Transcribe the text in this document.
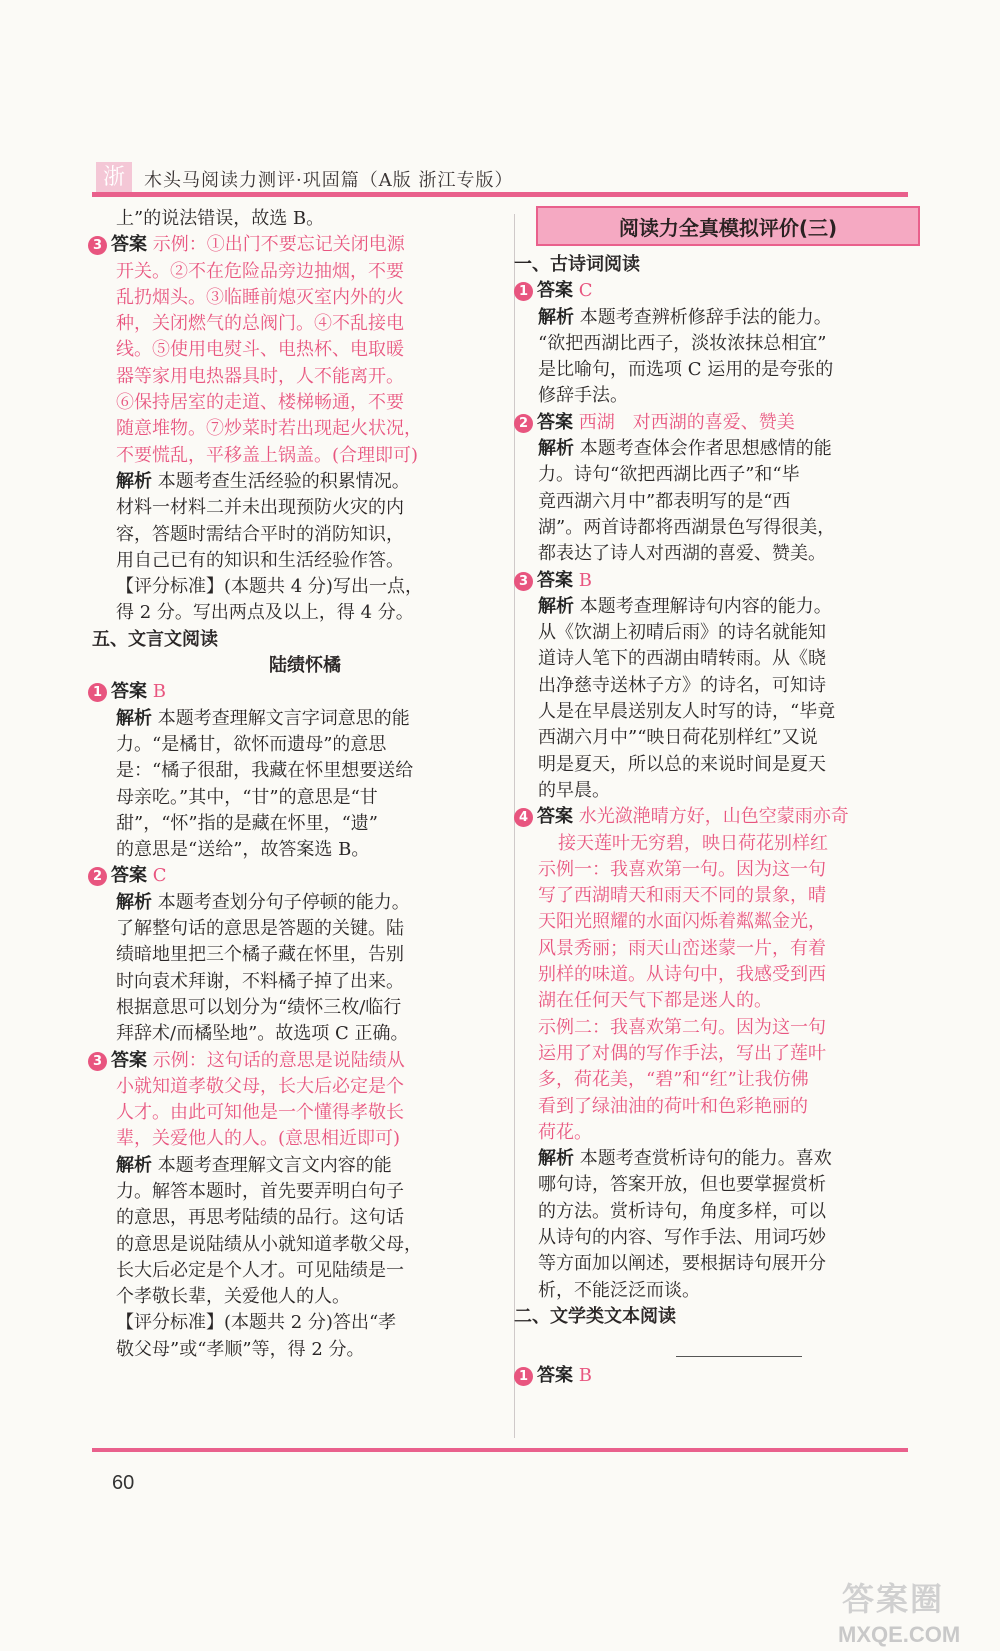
浙	木头马阅读力测评·巩固篇（A版 浙江专版）
上”的说法错误，故选 B。
3 答案 示例：①出门不要忘记关闭电源
开关。②不在危险品旁边抽烟，不要
乱扔烟头。③临睡前熄灭室内外的火
种，关闭燃气的总阀门。④不乱接电
线。⑤使用电熨斗、电热杯、电取暖
器等家用电热器具时，人不能离开。
⑥保持居室的走道、楼梯畅通，不要
随意堆物。⑦炒菜时若出现起火状况，
不要慌乱，平移盖上锅盖。(合理即可)
解析 本题考查生活经验的积累情况。
材料一材料二并未出现预防火灾的内
容，答题时需结合平时的消防知识，
用自己已有的知识和生活经验作答。
【评分标准】(本题共 4 分)写出一点，
得 2 分。写出两点及以上，得 4 分。
五、文言文阅读
陆绩怀橘
1 答案 B
解析 本题考查理解文言字词意思的能
力。“是橘甘，欲怀而遗母”的意思
是：“橘子很甜，我藏在怀里想要送给
母亲吃。”其中，“甘”的意思是“甘
甜”，“怀”指的是藏在怀里，“遗”
的意思是“送给”，故答案选 B。
2 答案 C
解析 本题考查划分句子停顿的能力。
了解整句话的意思是答题的关键。陆
绩暗地里把三个橘子藏在怀里，告别
时向袁术拜谢，不料橘子掉了出来。
根据意思可以划分为“绩怀三枚/临行
拜辞术/而橘坠地”。故选项 C 正确。
3 答案 示例：这句话的意思是说陆绩从
小就知道孝敬父母，长大后必定是个
人才。由此可知他是一个懂得孝敬长
辈，关爱他人的人。(意思相近即可)
解析 本题考查理解文言文内容的能
力。解答本题时，首先要弄明白句子
的意思，再思考陆绩的品行。这句话
的意思是说陆绩从小就知道孝敬父母，
长大后必定是个人才。可见陆绩是一
个孝敬长辈，关爱他人的人。
【评分标准】(本题共 2 分)答出“孝
敬父母”或“孝顺”等，得 2 分。
阅读力全真模拟评价(三)
一、古诗词阅读
1 答案 C
解析 本题考查辨析修辞手法的能力。
“欲把西湖比西子，淡妆浓抹总相宜”
是比喻句，而选项 C 运用的是夸张的
修辞手法。
2 答案 西湖　对西湖的喜爱、赞美
解析 本题考查体会作者思想感情的能
力。诗句“欲把西湖比西子”和“毕
竟西湖六月中”都表明写的是“西
湖”。两首诗都将西湖景色写得很美，
都表达了诗人对西湖的喜爱、赞美。
3 答案 B
解析 本题考查理解诗句内容的能力。
从《饮湖上初晴后雨》的诗名就能知
道诗人笔下的西湖由晴转雨。从《晓
出净慈寺送林子方》的诗名，可知诗
人是在早晨送别友人时写的诗，“毕竟
西湖六月中”“映日荷花别样红”又说
明是夏天，所以总的来说时间是夏天
的早晨。
4 答案 水光潋滟晴方好，山色空蒙雨亦奇
接天莲叶无穷碧，映日荷花别样红
示例一：我喜欢第一句。因为这一句
写了西湖晴天和雨天不同的景象，晴
天阳光照耀的水面闪烁着粼粼金光，
风景秀丽；雨天山峦迷蒙一片，有着
别样的味道。从诗句中，我感受到西
湖在任何天气下都是迷人的。
示例二：我喜欢第二句。因为这一句
运用了对偶的写作手法，写出了莲叶
多，荷花美，“碧”和“红”让我仿佛
看到了绿油油的荷叶和色彩艳丽的
荷花。
解析 本题考查赏析诗句的能力。喜欢
哪句诗，答案开放，但也要掌握赏析
的方法。赏析诗句，角度多样，可以
从诗句的内容、写作手法、用词巧妙
等方面加以阐述，要根据诗句展开分
析，不能泛泛而谈。
二、文学类文本阅读
1 答案 B
60
答案圈
MXQE.COM
